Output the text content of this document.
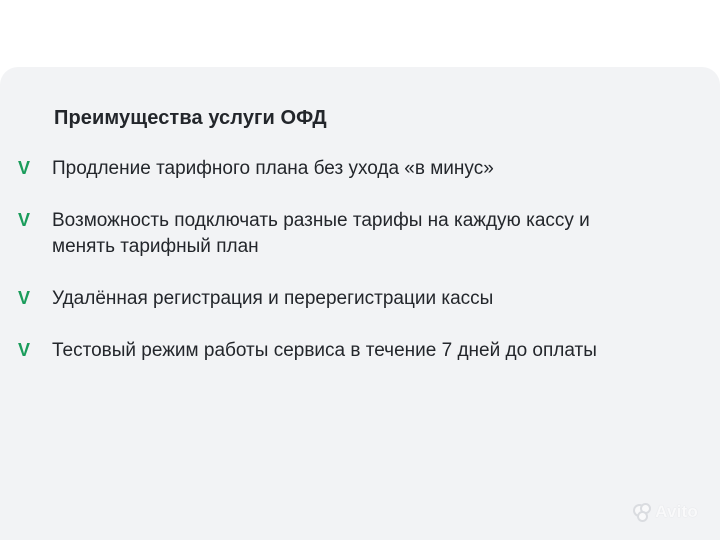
Преимущества услуги ОФД
V	Продление тарифного плана без ухода «в минус»
V	Возможность подключать разные тарифы на каждую кассу и менять тарифный план
V	Удалённая регистрация и перерегистрации кассы
V	Тестовый режим работы сервиса в течение 7 дней до оплаты
Avito
